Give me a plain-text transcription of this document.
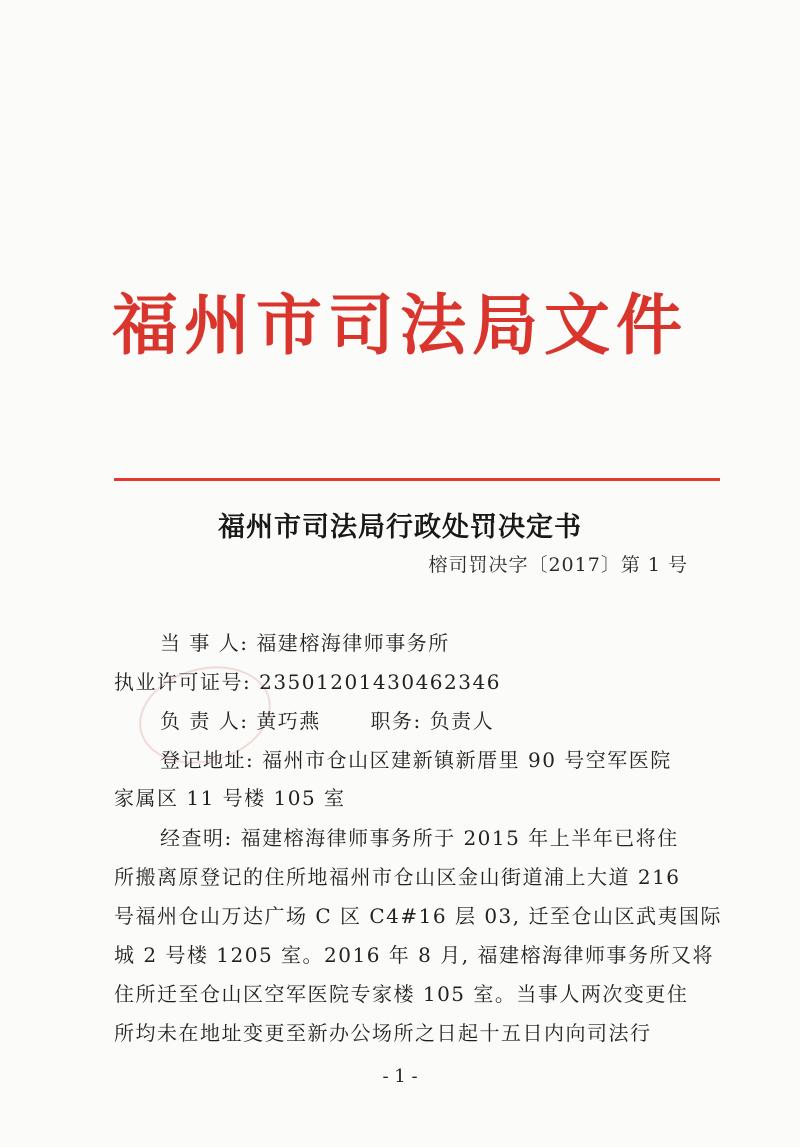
福州市司法局文件
福州市司法局行政处罚决定书
榕司罚决字〔2017〕第 1 号
当 事 人: 福建榕海律师事务所
执业许可证号: 23501201430462346
负 责 人: 黄巧燕 职务: 负责人
登记地址: 福州市仓山区建新镇新厝里 90 号空军医院
家属区 11 号楼 105 室
经查明: 福建榕海律师事务所于 2015 年上半年已将住
所搬离原登记的住所地福州市仓山区金山街道浦上大道 216
号福州仓山万达广场 C 区 C4#16 层 03, 迁至仓山区武夷国际
城 2 号楼 1205 室。2016 年 8 月, 福建榕海律师事务所又将
住所迁至仓山区空军医院专家楼 105 室。当事人两次变更住
所均未在地址变更至新办公场所之日起十五日内向司法行
- 1 -
